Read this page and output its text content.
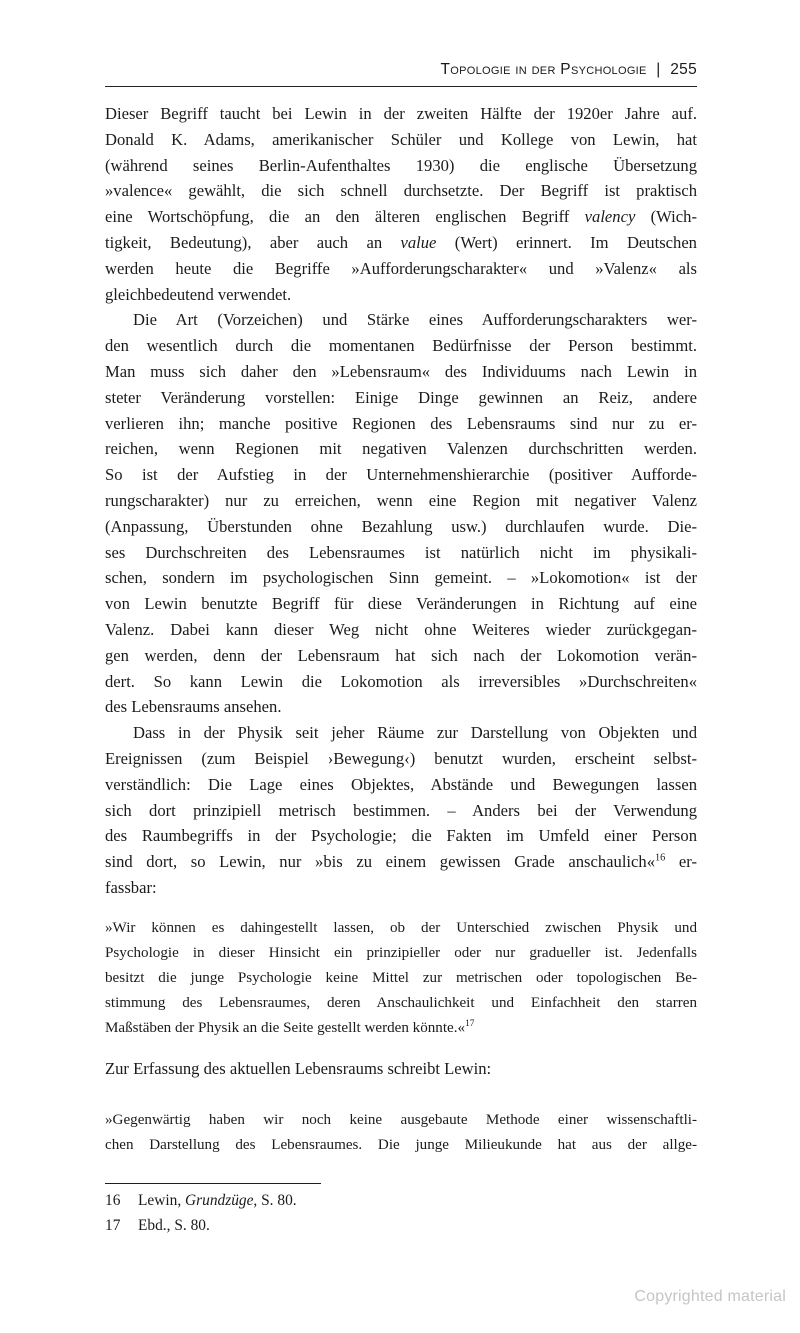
Topologie in der Psychologie | 255
Dieser Begriff taucht bei Lewin in der zweiten Hälfte der 1920er Jahre auf.
Donald K. Adams, amerikanischer Schüler und Kollege von Lewin, hat
(während seines Berlin-Aufenthaltes 1930) die englische Übersetzung
»valence« gewählt, die sich schnell durchsetzte. Der Begriff ist praktisch
eine Wortschöpfung, die an den älteren englischen Begriff valency (Wich-
tigkeit, Bedeutung), aber auch an value (Wert) erinnert. Im Deutschen
werden heute die Begriffe »Aufforderungscharakter« und »Valenz« als
gleichbedeutend verwendet.
Die Art (Vorzeichen) und Stärke eines Aufforderungscharakters wer-
den wesentlich durch die momentanen Bedürfnisse der Person bestimmt.
Man muss sich daher den »Lebensraum« des Individuums nach Lewin in
steter Veränderung vorstellen: Einige Dinge gewinnen an Reiz, andere
verlieren ihn; manche positive Regionen des Lebensraums sind nur zu er-
reichen, wenn Regionen mit negativen Valenzen durchschritten werden.
So ist der Aufstieg in der Unternehmenshierarchie (positiver Aufforde-
rungscharakter) nur zu erreichen, wenn eine Region mit negativer Valenz
(Anpassung, Überstunden ohne Bezahlung usw.) durchlaufen wurde. Die-
ses Durchschreiten des Lebensraumes ist natürlich nicht im physikali-
schen, sondern im psychologischen Sinn gemeint. – »Lokomotion« ist der
von Lewin benutzte Begriff für diese Veränderungen in Richtung auf eine
Valenz. Dabei kann dieser Weg nicht ohne Weiteres wieder zurückgegan-
gen werden, denn der Lebensraum hat sich nach der Lokomotion verän-
dert. So kann Lewin die Lokomotion als irreversibles »Durchschreiten«
des Lebensraums ansehen.
Dass in der Physik seit jeher Räume zur Darstellung von Objekten und
Ereignissen (zum Beispiel ›Bewegung‹) benutzt wurden, erscheint selbst-
verständlich: Die Lage eines Objektes, Abstände und Bewegungen lassen
sich dort prinzipiell metrisch bestimmen. – Anders bei der Verwendung
des Raumbegriffs in der Psychologie; die Fakten im Umfeld einer Person
sind dort, so Lewin, nur »bis zu einem gewissen Grade anschaulich«$^{16}$ er-
fassbar:
»Wir können es dahingestellt lassen, ob der Unterschied zwischen Physik und
Psychologie in dieser Hinsicht ein prinzipieller oder nur gradueller ist. Jedenfalls
besitzt die junge Psychologie keine Mittel zur metrischen oder topologischen Be-
stimmung des Lebensraumes, deren Anschaulichkeit und Einfachheit den starren
Maßstäben der Physik an die Seite gestellt werden könnte.«$^{17}$
Zur Erfassung des aktuellen Lebensraums schreibt Lewin:
»Gegenwärtig haben wir noch keine ausgebaute Methode einer wissenschaftli-
chen Darstellung des Lebensraumes. Die junge Milieukunde hat aus der allge-
16 Lewin, Grundzüge, S. 80.
17 Ebd., S. 80.
Copyrighted material
